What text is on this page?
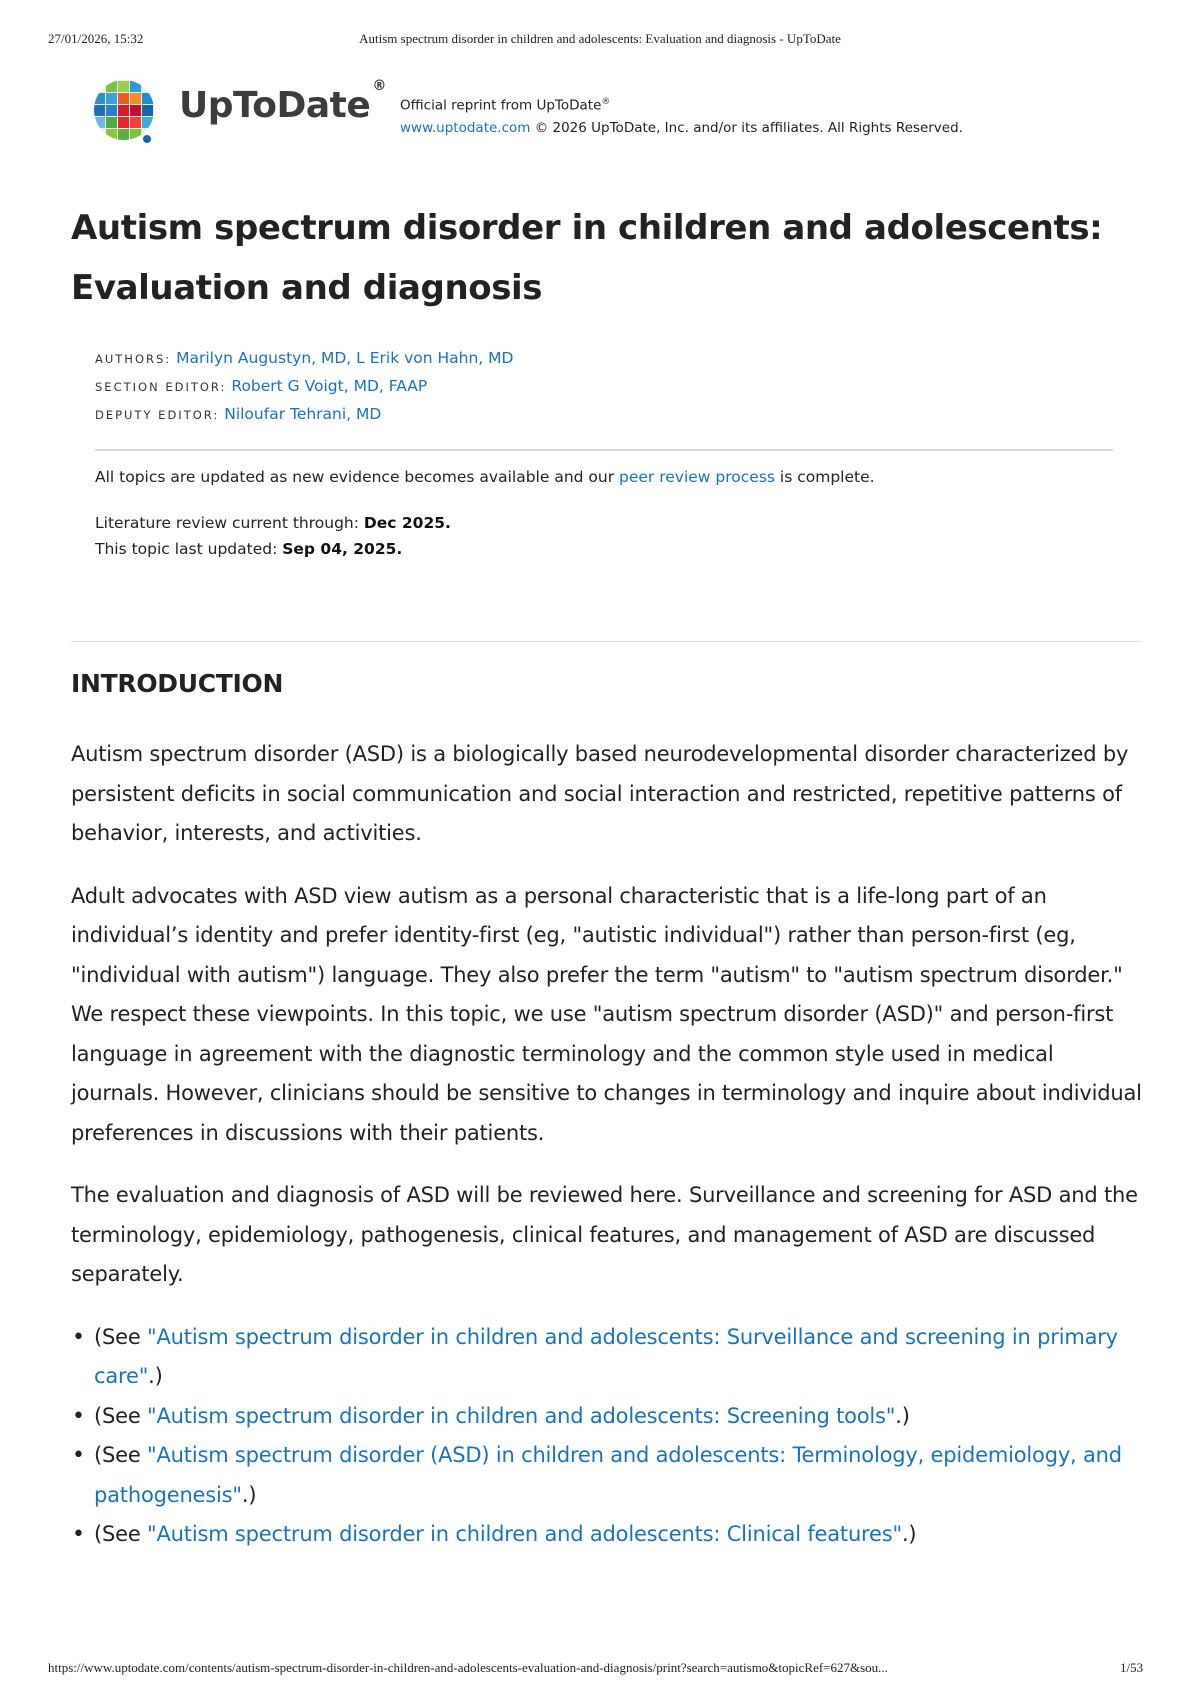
27/01/2026, 15:32	Autism spectrum disorder in children and adolescents: Evaluation and diagnosis - UpToDate
UpToDate ®
Official reprint from UpToDate®
www.uptodate.com © 2026 UpToDate, Inc. and/or its affiliates. All Rights Reserved.
Autism spectrum disorder in children and adolescents: Evaluation and diagnosis
AUTHORS: Marilyn Augustyn, MD, L Erik von Hahn, MD
SECTION EDITOR: Robert G Voigt, MD, FAAP
DEPUTY EDITOR: Niloufar Tehrani, MD
All topics are updated as new evidence becomes available and our peer review process is complete.
Literature review current through: Dec 2025.
This topic last updated: Sep 04, 2025.
INTRODUCTION

Autism spectrum disorder (ASD) is a biologically based neurodevelopmental disorder characterized by persistent deficits in social communication and social interaction and restricted, repetitive patterns of behavior, interests, and activities.

Adult advocates with ASD view autism as a personal characteristic that is a life-long part of an individual’s identity and prefer identity-first (eg, "autistic individual") rather than person-first (eg, "individual with autism") language. They also prefer the term "autism" to "autism spectrum disorder." We respect these viewpoints. In this topic, we use "autism spectrum disorder (ASD)" and person-first language in agreement with the diagnostic terminology and the common style used in medical journals. However, clinicians should be sensitive to changes in terminology and inquire about individual preferences in discussions with their patients.

The evaluation and diagnosis of ASD will be reviewed here. Surveillance and screening for ASD and the terminology, epidemiology, pathogenesis, clinical features, and management of ASD are discussed separately.

• (See "Autism spectrum disorder in children and adolescents: Surveillance and screening in primary care".)
• (See "Autism spectrum disorder in children and adolescents: Screening tools".)
• (See "Autism spectrum disorder (ASD) in children and adolescents: Terminology, epidemiology, and pathogenesis".)
• (See "Autism spectrum disorder in children and adolescents: Clinical features".)
https://www.uptodate.com/contents/autism-spectrum-disorder-in-children-and-adolescents-evaluation-and-diagnosis/print?search=autismo&topicRef=627&sou...	1/53
